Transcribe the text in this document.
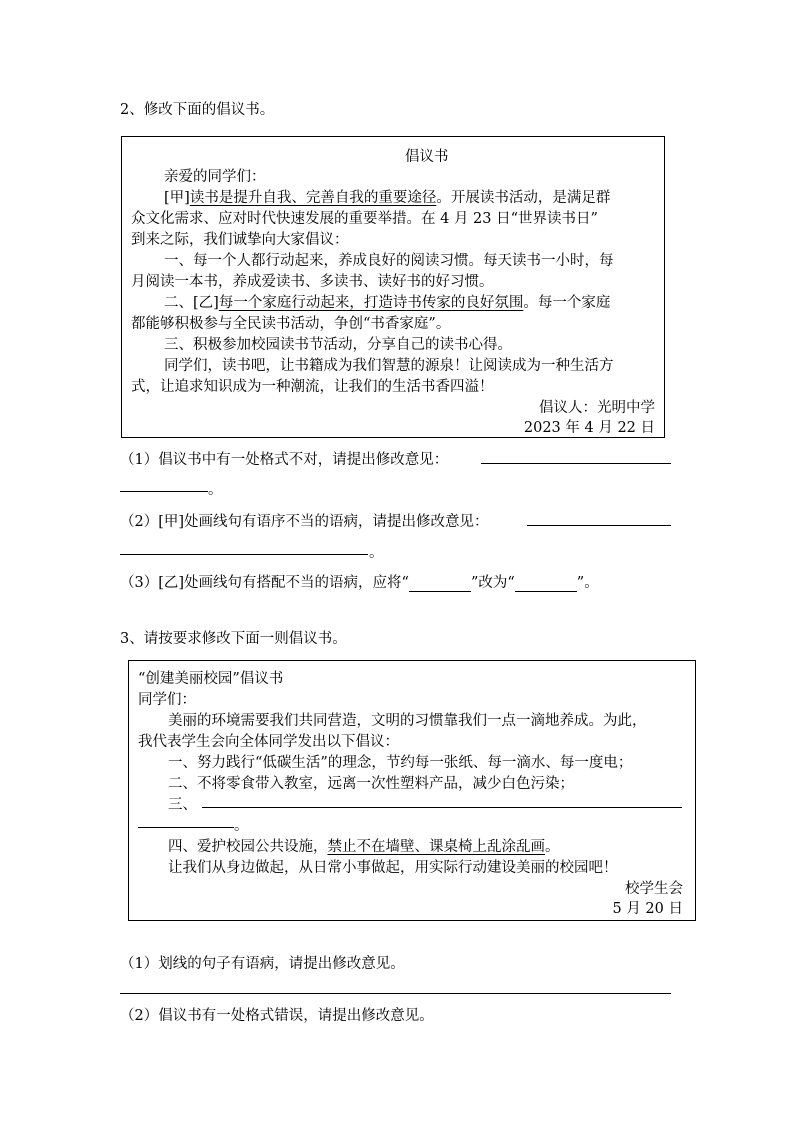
2、修改下面的倡议书。
倡议书
亲爱的同学们：
[甲]读书是提升自我、完善自我的重要途径。开展读书活动，是满足群
众文化需求、应对时代快速发展的重要举措。在 4 月 23 日“世界读书日”
到来之际，我们诚挚向大家倡议：
一、每一个人都行动起来，养成良好的阅读习惯。每天读书一小时，每
月阅读一本书，养成爱读书、多读书、读好书的好习惯。
二、[乙]每一个家庭行动起来，打造诗书传家的良好氛围。每一个家庭
都能够积极参与全民读书活动，争创“书香家庭”。
三、积极参加校园读书节活动，分享自己的读书心得。
同学们，读书吧，让书籍成为我们智慧的源泉！让阅读成为一种生活方
式，让追求知识成为一种潮流，让我们的生活书香四溢！
倡议人：光明中学
2023 年 4 月 22 日
（1）倡议书中有一处格式不对，请提出修改意见：
。
（2）[甲]处画线句有语序不当的语病，请提出修改意见：
。
（3）[乙]处画线句有搭配不当的语病，应将“	”改为“	”。
3、请按要求修改下面一则倡议书。
“创建美丽校园”倡议书
同学们：
美丽的环境需要我们共同营造，文明的习惯靠我们一点一滴地养成。为此，
我代表学生会向全体同学发出以下倡议：
一、努力践行“低碳生活”的理念，节约每一张纸、每一滴水、每一度电；
二、不将零食带入教室，远离一次性塑料产品，减少白色污染；
三、
。
四、爱护校园公共设施，禁止不在墙壁、课桌椅上乱涂乱画。
让我们从身边做起，从日常小事做起，用实际行动建设美丽的校园吧！
校学生会
5 月 20 日
（1）划线的句子有语病，请提出修改意见。
（2）倡议书有一处格式错误，请提出修改意见。
